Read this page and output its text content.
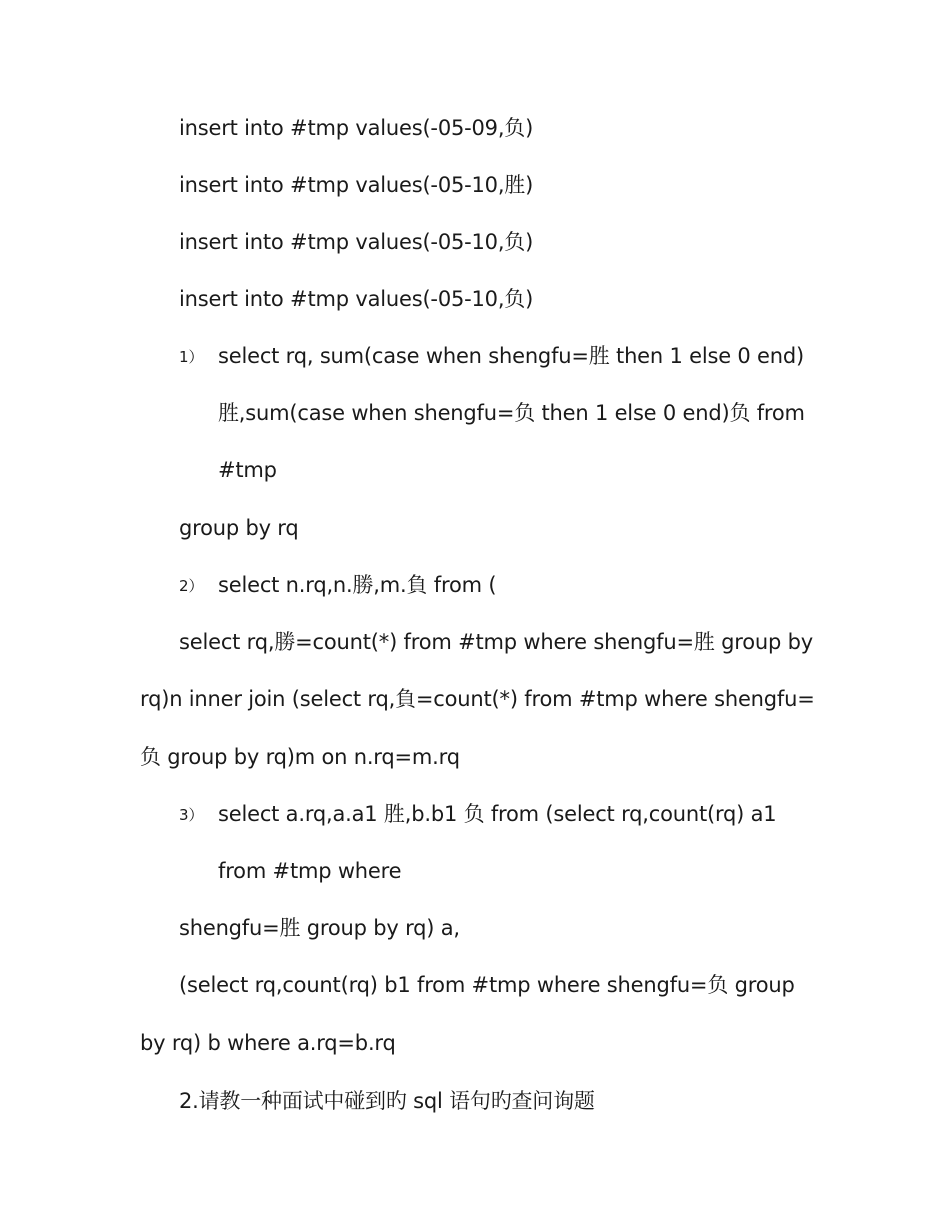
insert into #tmp values(-05-09,负)
insert into #tmp values(-05-10,胜)
insert into #tmp values(-05-10,负)
insert into #tmp values(-05-10,负)
1） select rq, sum(case when shengfu=胜 then 1 else 0 end)
胜,sum(case when shengfu=负 then 1 else 0 end)负 from
#tmp
group by rq
2） select n.rq,n.勝,m.負 from (
select rq,勝=count(*) from #tmp where shengfu=胜 group by
rq)n inner join (select rq,負=count(*) from #tmp where shengfu=
负 group by rq)m on n.rq=m.rq
3） select a.rq,a.a1 胜,b.b1 负 from (select rq,count(rq) a1
from #tmp where
shengfu=胜 group by rq) a,
(select rq,count(rq) b1 from #tmp where shengfu=负 group
by rq) b where a.rq=b.rq
2.请教一种面试中碰到旳 sql 语句旳查问询题
